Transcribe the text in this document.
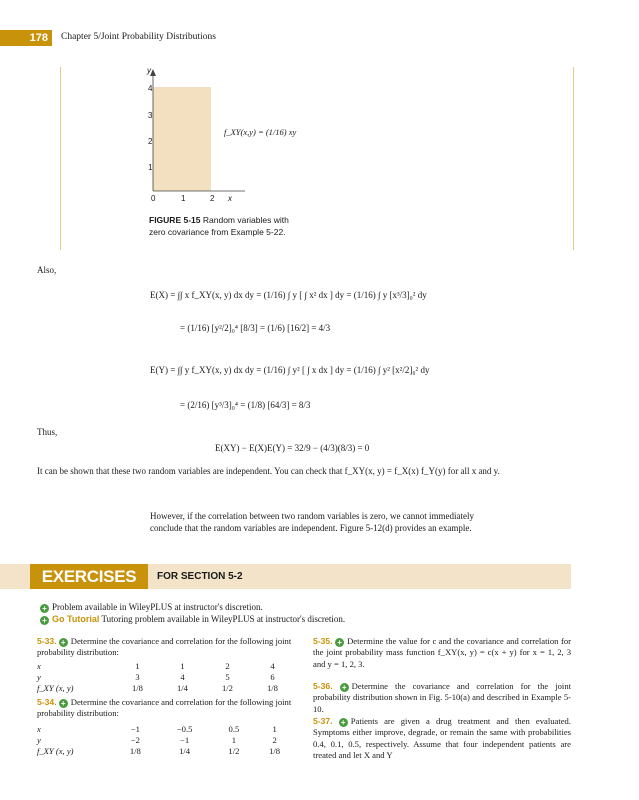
178	Chapter 5/Joint Probability Distributions
y
4
3
2
1
0	1	2 x
f_XY(x,y) = (1/16) xy
FIGURE 5-15 Random variables with
zero covariance from Example 5-22.
Also,
E(X) = ∫∫ x f_XY(x, y) dx dy = (1/16) ∫ y [ ∫ x² dx ] dy = (1/16) ∫ y [x³/3]₀² dy
= (1/16) [y²/2]₀⁴ [8/3] = (1/6) [16/2] = 4/3
E(Y) = ∫∫ y f_XY(x, y) dx dy = (1/16) ∫ y² [ ∫ x dx ] dy = (1/16) ∫ y² [x²/2]₀² dy
= (2/16) [y³/3]₀⁴ = (1/8) [64/3] = 8/3
Thus,
E(XY) − E(X)E(Y) = 32/9 − (4/3)(8/3) = 0
It can be shown that these two random variables are independent. You can check that f_XY(x, y) = f_X(x) f_Y(y) for all x and y.
However, if the correlation between two random variables is zero, we cannot immediately
conclude that the random variables are independent. Figure 5-12(d) provides an example.
EXERCISES	FOR SECTION 5-2
+ Problem available in WileyPLUS at instructor's discretion.
+ Go Tutorial Tutoring problem available in WileyPLUS at instructor's discretion.
5-33. + Determine the covariance and correlation for the following joint probability distribution:
x	1	1	2	4
y	3	4	5	6
f_XY (x, y)	1/8	1/4	1/2	1/8
5-34. + Determine the covariance and correlation for the following joint probability distribution:
x	−1	−0.5	0.5	1
y	−2	−1	1	2
f_XY (x, y)	1/8	1/4	1/2	1/8
5-35. + Determine the value for c and the covariance and correlation for the joint probability mass function f_XY(x, y) = c(x + y) for x = 1, 2, 3 and y = 1, 2, 3.
5-36. + Determine the covariance and correlation for the joint probability distribution shown in Fig. 5-10(a) and described in Example 5-10.
5-37. + Patients are given a drug treatment and then evaluated. Symptoms either improve, degrade, or remain the same with probabilities 0.4, 0.1, 0.5, respectively. Assume that four independent patients are treated and let X and Y
